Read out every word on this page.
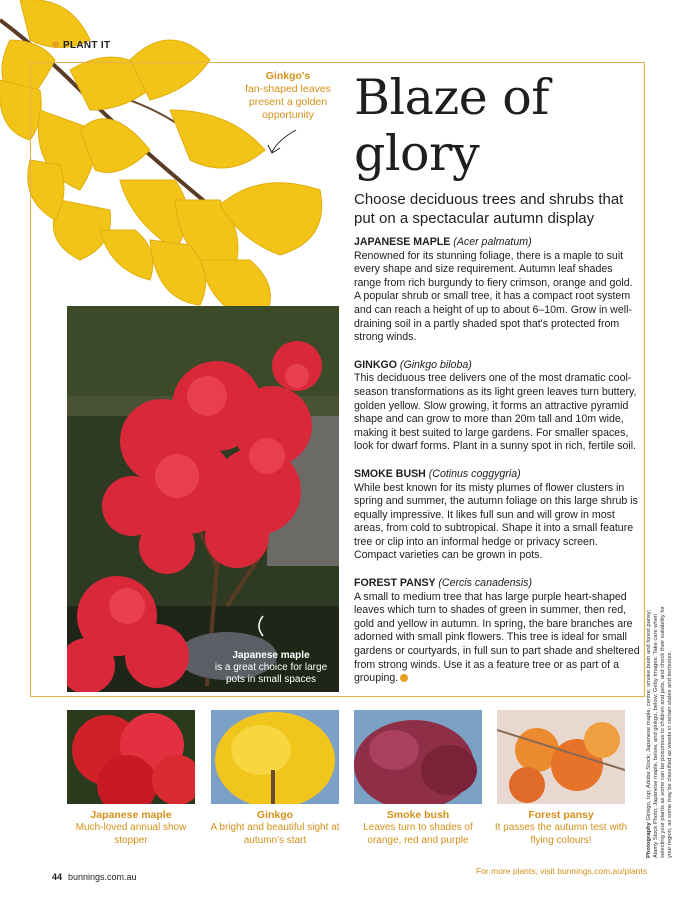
PLANT IT
Ginkgo's
fan-shaped leaves present a golden opportunity Blaze of
glory
Choose deciduous trees and shrubs that put on a spectacular autumn display

JAPANESE MAPLE (Acer palmatum)
Renowned for its stunning foliage, there is a maple to suit every shape and size requirement. Autumn leaf shades range from rich burgundy to fiery crimson, orange and gold. A popular shrub or small tree, it has a compact root system and can reach a height of up to about 6–10m. Grow in well-draining soil in a partly shaded spot that's protected from strong winds.

GINKGO (Ginkgo biloba)
This deciduous tree delivers one of the most dramatic cool-season transformations as its light green leaves turn buttery, golden yellow. Slow growing, it forms an attractive pyramid shape and can grow to more than 20m tall and 10m wide, making it best suited to large gardens. For smaller spaces, look for dwarf forms. Plant in a sunny spot in rich, fertile soil.

SMOKE BUSH (Cotinus coggygria)
While best known for its misty plumes of flower clusters in spring and summer, the autumn foliage on this large shrub is equally impressive. It likes full sun and will grow in most areas, from cold to subtropical. Shape it into a small feature tree or clip into an informal hedge or privacy screen. Compact varieties can be grown in pots.

FOREST PANSY (Cercis canadensis)
A small to medium tree that has large purple heart-shaped leaves which turn to shades of green in summer, then red, gold and yellow in autumn. In spring, the bare branches are adorned with small pink flowers. This tree is ideal for small gardens or courtyards, in full sun to part shade and sheltered from strong winds. Use it as a feature tree or as part of a grouping.

Japanese maple
is a great choice for large pots in small spaces
Japanese maple
Much-loved annual show stopper
Ginkgo
A bright and beautiful sight at autumn's start
Smoke bush
Leaves turn to shades of orange, red and purple
Forest pansy
It passes the autumn test with flying colours!
44 bunnings.com.au
For more plants, visit bunnings.com.au/plants
Photography Ginkgo, top; Adobe Stock; Japanese maple, centre; smoke bush and forest pansy; Alamy Stock Photo; Japanese maple, below, and ginkgo, below; Getty Images. Take care when selecting your plants as some can be poisonous to children and pets, and check their suitability for your region, as some may be classified as weeds in certain states and territories.
